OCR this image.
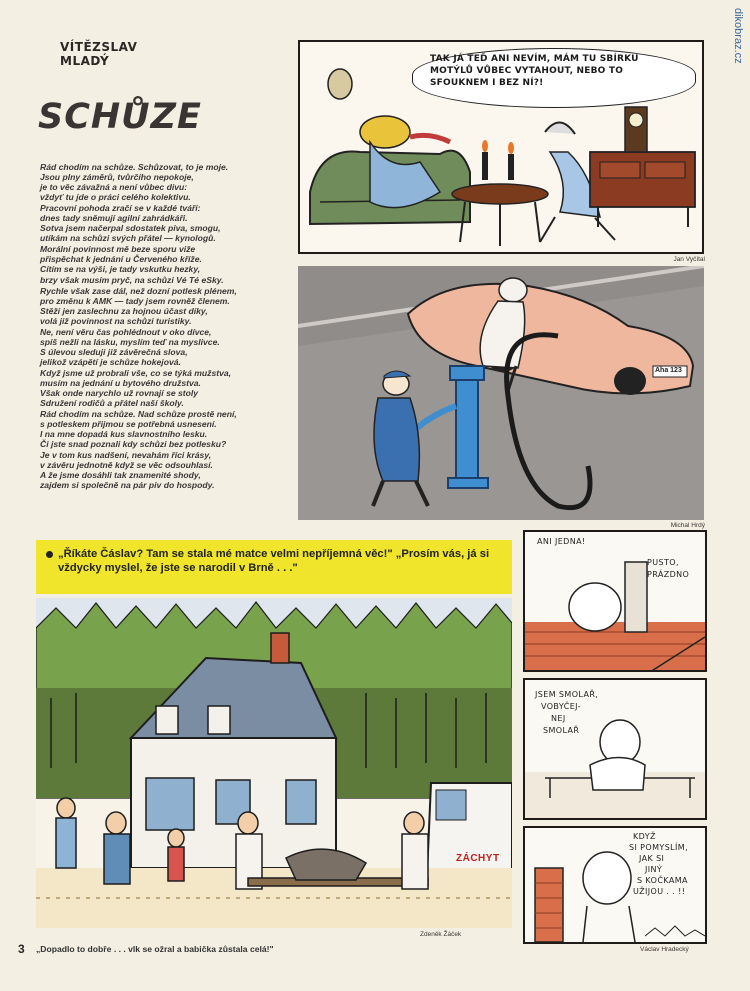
VÍTĚZSLAV
MLADÝ
SCHŮZE
Rád chodím na schůze. Schůzovat, to je moje.
Jsou plny záměrů, tvůrčího nepokoje,
je to věc závažná a není vůbec divu:
vždyť tu jde o práci celého kolektivu.
Pracovní pohoda zračí se v každé tváři:
dnes tady sněmují agilní zahrádkáři.
Sotva jsem načerpal sdostatek piva, smogu,
utíkám na schůzi svých přátel — kynologů.
Morální povinnost mě beze sporu viže
přispěchat k jednání u Červeného kříže.
Cítím se na výši, je tady vskutku hezky,
brzy však musím pryč, na schůzi Vé Té eSky.
Rychle však zase dál, než dozní potlesk plénem,
pro změnu k AMK — tady jsem rovněž členem.
Stěží jen zaslechnu za hojnou účast díky,
volá již povinnost na schůzi turistiky.
Ne, není věru čas pohlédnout v oko dívce,
spíš nežli na lásku, myslím teď na myslivce.
S úlevou sleduji již závěrečná slova,
jelikož vzápětí je schůze hokejová.
Když jsme už probrali vše, co se týká mužstva,
musím na jednání u bytového družstva.
Však onde narychlo už rovnají se stoly
Sdružení rodičů a přátel naší školy.
Rád chodím na schůze. Nad schůze prostě není,
s potleskem přijmou se potřebná usnesení.
I na mne dopadá kus slavnostního lesku.
Či jste snad poznali kdy schůzi bez potlesku?
Je v tom kus nadšení, nevahám říci krásy,
v závěru jednotně když se věc odsouhlasí.
A že jsme dosáhli tak znamenité shody,
zajdem si společně na pár piv do hospody.
TAK JÁ TEĎ ANI NEVÍM, MÁM TU SBÍRKU MOTÝLŮ VŮBEC VYTAHOUT, NEBO TO SFOUKNEM I BEZ NÍ?!
Jan Vyčítal
Michal Hrdý
Aha 123
„Říkáte Čáslav? Tam se stala mé matce velmi nepříjemná věc!" „Prosím vás, já si vždycky myslel, že jste se narodil v Brně . . ."
ZÁCHYT
Zdeněk Žáček
ANI JEDNA!
PUSTO,
PRÁZDNO
JSEM SMOLAŘ,
VOBYČEJ-
NEJ
SMOLAŘ
KDYŽ
SI POMYSLÍM,
JAK SI
JINÝ
S KOČKAMA
UŽIJOU . . !!
Václav Hradecký
3 „Dopadlo to dobře . . . vlk se ožral a babička zůstala celá!"
dikobraz.cz
